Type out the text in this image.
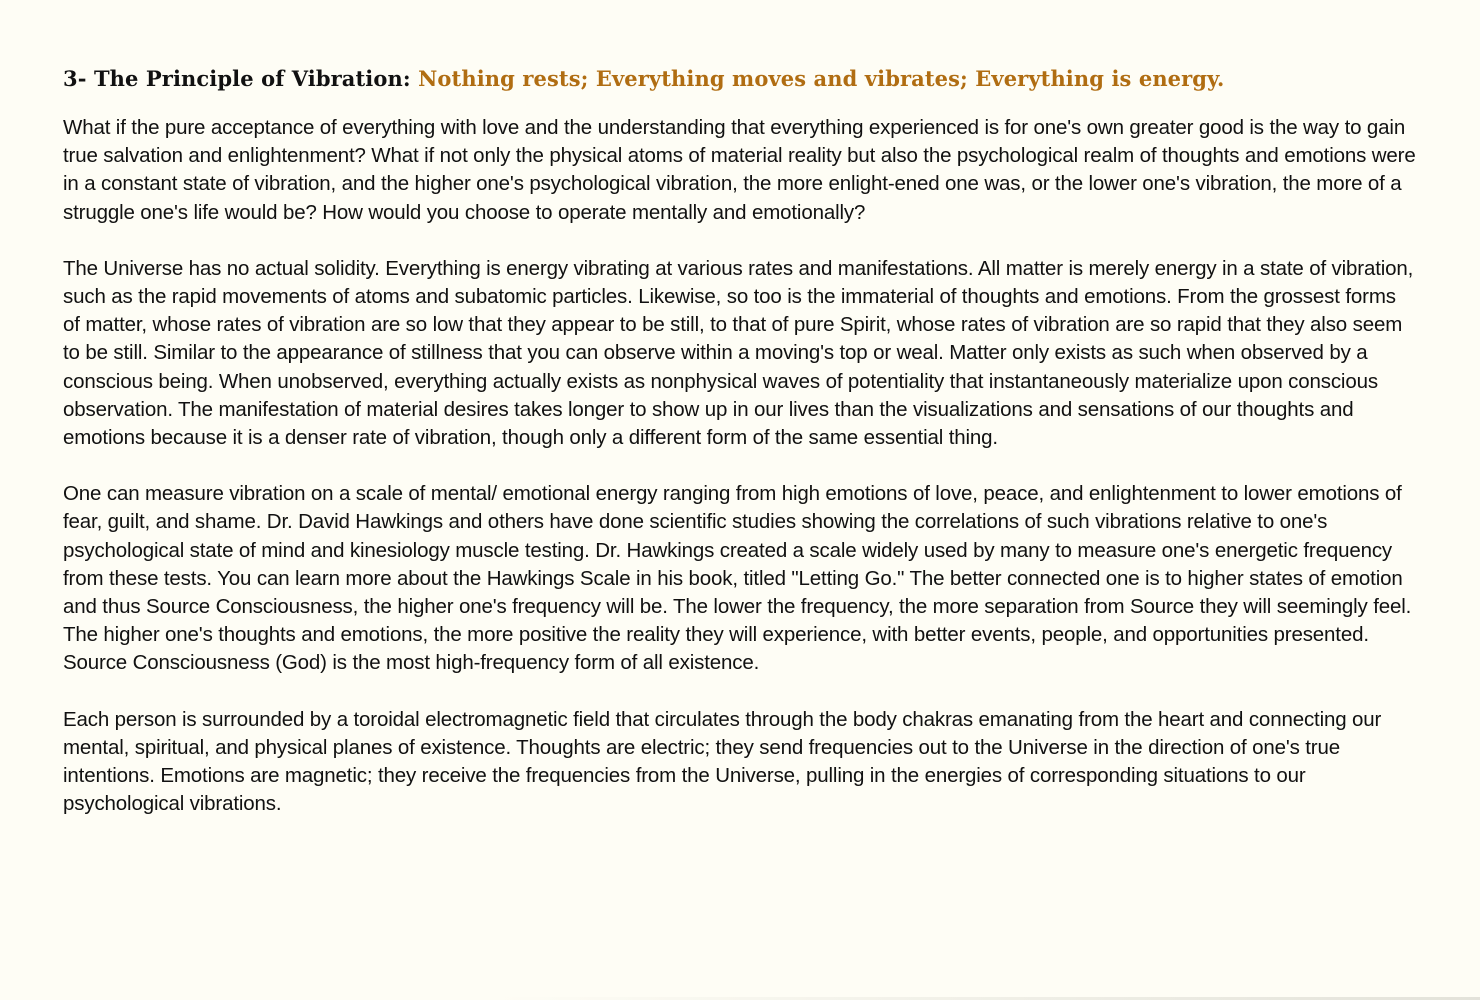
3- The Principle of Vibration: Nothing rests; Everything moves and vibrates; Everything is energy.

What if the pure acceptance of everything with love and the understanding that everything experienced is for one's own greater good is the way to gain true salvation and enlightenment? What if not only the physical atoms of material reality but also the psychological realm of thoughts and emotions were in a constant state of vibration, and the higher one's psychological vibration, the more enlight-ened one was, or the lower one's vibration, the more of a struggle one's life would be? How would you choose to operate mentally and emotionally?

The Universe has no actual solidity. Everything is energy vibrating at various rates and manifestations. All matter is merely energy in a state of vibration, such as the rapid movements of atoms and subatomic particles. Likewise, so too is the immaterial of thoughts and emotions. From the grossest forms of matter, whose rates of vibration are so low that they appear to be still, to that of pure Spirit, whose rates of vibration are so rapid that they also seem to be still. Similar to the appearance of stillness that you can observe within a moving's top or weal. Matter only exists as such when observed by a conscious being. When unobserved, everything actually exists as nonphysical waves of potentiality that instantaneously materialize upon conscious observation. The manifestation of material desires takes longer to show up in our lives than the visualizations and sensations of our thoughts and emotions because it is a denser rate of vibration, though only a different form of the same essential thing.

One can measure vibration on a scale of mental/ emotional energy ranging from high emotions of love, peace, and enlightenment to lower emotions of fear, guilt, and shame. Dr. David Hawkings and others have done scientific studies showing the correlations of such vibrations relative to one's psychological state of mind and kinesiology muscle testing. Dr. Hawkings created a scale widely used by many to measure one's energetic frequency from these tests. You can learn more about the Hawkings Scale in his book, titled "Letting Go." The better connected one is to higher states of emotion and thus Source Consciousness, the higher one's frequency will be. The lower the frequency, the more separation from Source they will seemingly feel. The higher one's thoughts and emotions, the more positive the reality they will experience, with better events, people, and opportunities presented. Source Consciousness (God) is the most high-frequency form of all existence.

Each person is surrounded by a toroidal electromagnetic field that circulates through the body chakras emanating from the heart and connecting our mental, spiritual, and physical planes of existence. Thoughts are electric; they send frequencies out to the Universe in the direction of one's true intentions. Emotions are magnetic; they receive the frequencies from the Universe, pulling in the energies of corresponding situations to our psychological vibrations.
